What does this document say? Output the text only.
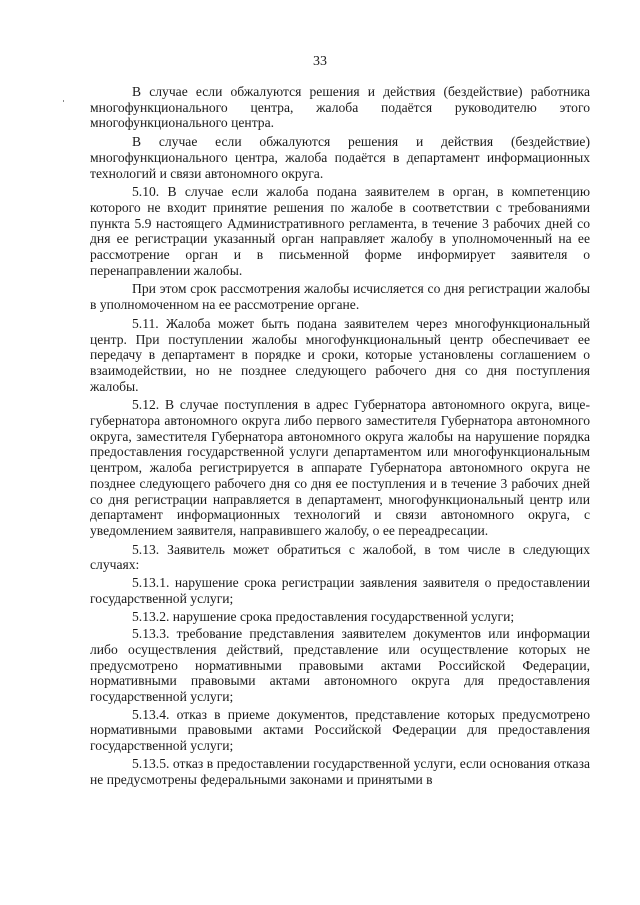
33

В случае если обжалуются решения и действия (бездействие) работника многофункционального центра, жалоба подаётся руководителю этого многофункционального центра.

В случае если обжалуются решения и действия (бездействие) многофункционального центра, жалоба подаётся в департамент информационных технологий и связи автономного округа.

5.10. В случае если жалоба подана заявителем в орган, в компетенцию которого не входит принятие решения по жалобе в соответствии с требованиями пункта 5.9 настоящего Административного регламента, в течение 3 рабочих дней со дня ее регистрации указанный орган направляет жалобу в уполномоченный на ее рассмотрение орган и в письменной форме информирует заявителя о перенаправлении жалобы.

При этом срок рассмотрения жалобы исчисляется со дня регистрации жалобы в уполномоченном на ее рассмотрение органе.

5.11. Жалоба может быть подана заявителем через многофункциональный центр. При поступлении жалобы многофункциональный центр обеспечивает ее передачу в департамент в порядке и сроки, которые установлены соглашением о взаимодействии, но не позднее следующего рабочего дня со дня поступления жалобы.

5.12. В случае поступления в адрес Губернатора автономного округа, вице-губернатора автономного округа либо первого заместителя Губернатора автономного округа, заместителя Губернатора автономного округа жалобы на нарушение порядка предоставления государственной услуги департаментом или многофункциональным центром, жалоба регистрируется в аппарате Губернатора автономного округа не позднее следующего рабочего дня со дня ее поступления и в течение 3 рабочих дней со дня регистрации направляется в департамент, многофункциональный центр или департамент информационных технологий и связи автономного округа, с уведомлением заявителя, направившего жалобу, о ее переадресации.

5.13. Заявитель может обратиться с жалобой, в том числе в следующих случаях:

5.13.1. нарушение срока регистрации заявления заявителя о предоставлении государственной услуги;

5.13.2. нарушение срока предоставления государственной услуги;

5.13.3. требование представления заявителем документов или информации либо осуществления действий, представление или осуществление которых не предусмотрено нормативными правовыми актами Российской Федерации, нормативными правовыми актами автономного округа для предоставления государственной услуги;

5.13.4. отказ в приеме документов, представление которых предусмотрено нормативными правовыми актами Российской Федерации для предоставления государственной услуги;

5.13.5. отказ в предоставлении государственной услуги, если основания отказа не предусмотрены федеральными законами и принятыми в
